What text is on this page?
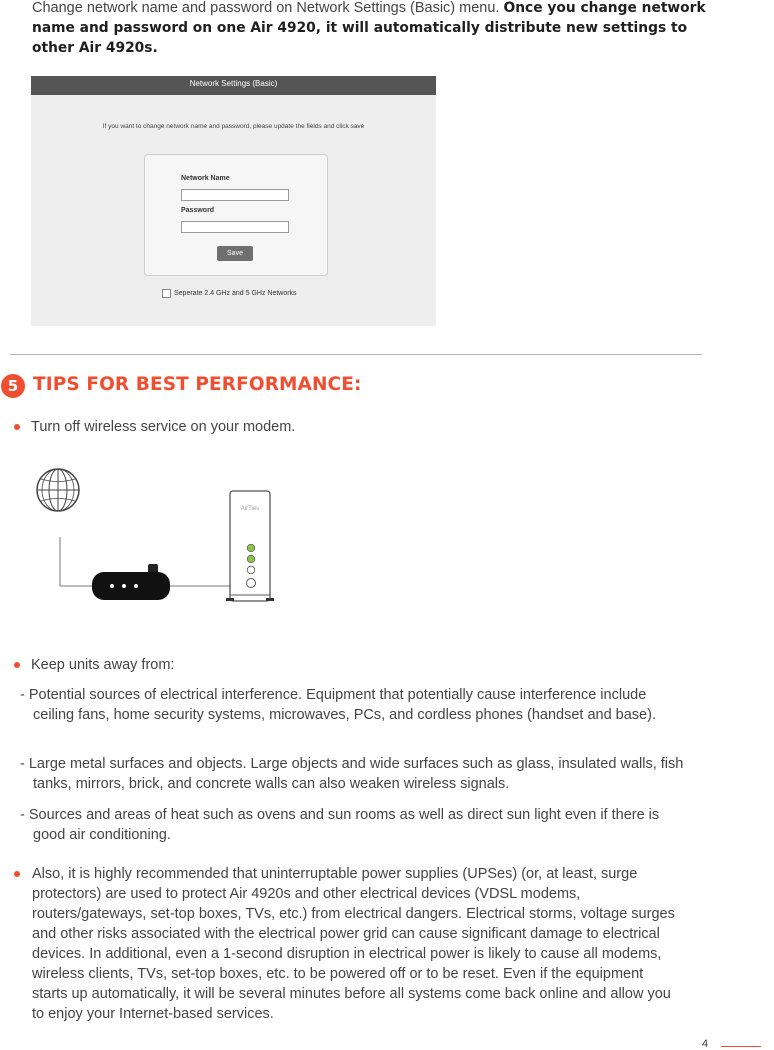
Change network name and password on Network Settings (Basic) menu. Once you change network name and password on one Air 4920, it will automatically distribute new settings to other Air 4920s.
Network Settings (Basic)
If you want to change network name and password, please update the fields and click save
Network Name
Password
Save
Seperate 2.4 GHz and 5 GHz Networks
5 TIPS FOR BEST PERFORMANCE:
Turn off wireless service on your modem.
AirTies
Keep units away from:
- Potential sources of electrical interference. Equipment that potentially cause interference include ceiling fans, home security systems, microwaves, PCs, and cordless phones (handset and base).
- Large metal surfaces and objects. Large objects and wide surfaces such as glass, insulated walls, fish tanks, mirrors, brick, and concrete walls can also weaken wireless signals.
- Sources and areas of heat such as ovens and sun rooms as well as direct sun light even if there is good air conditioning.
Also, it is highly recommended that uninterruptable power supplies (UPSes) (or, at least, surge protectors) are used to protect Air 4920s and other electrical devices (VDSL modems, routers/gateways, set-top boxes, TVs, etc.) from electrical dangers. Electrical storms, voltage surges and other risks associated with the electrical power grid can cause significant damage to electrical devices. In additional, even a 1-second disruption in electrical power is likely to cause all modems, wireless clients, TVs, set-top boxes, etc. to be powered off or to be reset. Even if the equipment starts up automatically, it will be several minutes before all systems come back online and allow you to enjoy your Internet-based services.
4
